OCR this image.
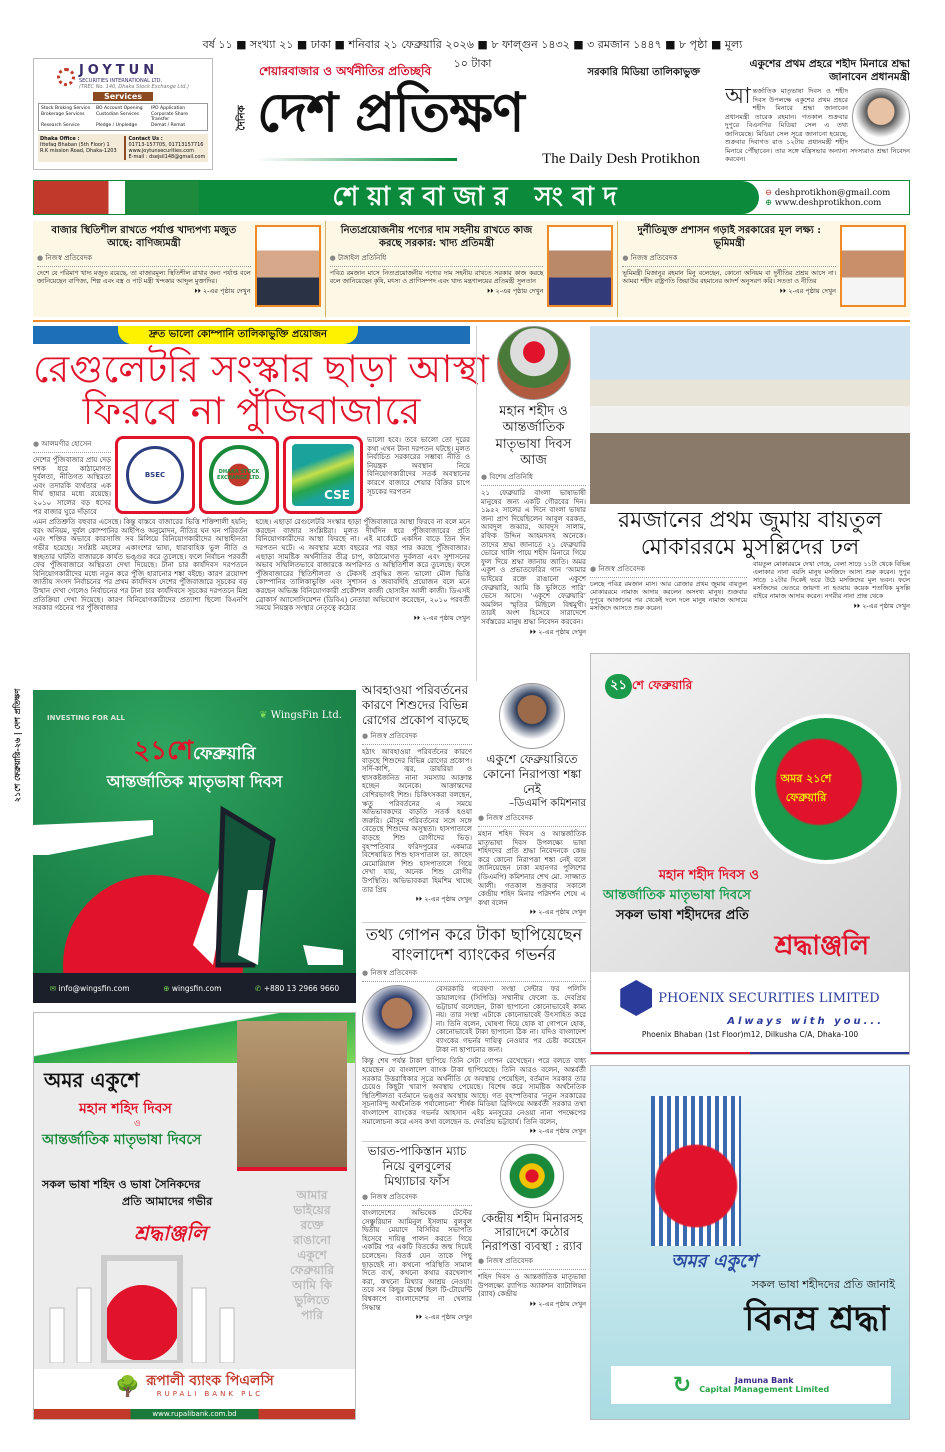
বর্ষ ১১ ■ সংখ্যা ২১ ■ ঢাকা ■ শনিবার ২১ ফেব্রুয়ারি ২০২৬ ■ ৮ ফাল্গুন ১৪৩২ ■ ৩ রমজান ১৪৪৭ ■ ৮ পৃষ্ঠা ■ মূল্য ১০ টাকা
JOYTUN
SECURITIES INTERNATIONAL LTD.
(TREC No. 140, Dhaka Stock Exchange Ltd.)
Services
Stock Broking Service	BO Account Opening	IPO Application
Brokerage Services	Custodian Services	Corporate Share Transfer
Research Service	Pledge / Unpledge	Demat / Remat
Dhaka Office :
Ittefaq Bhaban (5th Floor) 1 R.K mission Road, Dhaka-1203
Contact Us :
01713-157705, 01713157716
www.joytunsecurities.com
E-mail : dsejsil148@gmail.com
শেয়ারবাজার ও অর্থনীতির প্রতিচ্ছবি	সরকারি মিডিয়া তালিকাভুক্ত
দৈনিক দেশ প্রতিক্ষণ
The Daily Desh Protikhon
একুশের প্রথম প্রহরে শহীদ মিনারে শ্রদ্ধা জানাবেন প্রধানমন্ত্রী
আন্তর্জাতিক মাতৃভাষা দিবস ও শহীদ দিবস উপলক্ষে একুশের প্রথম প্রহরে শহীদ মিনারে শ্রদ্ধা জানাবেন প্রধানমন্ত্রী তারেক রহমান। গতকাল শুক্রবার দুপুরে বিএনপির মিডিয়া সেল এ তথ্য জানিয়েছে। মিডিয়া সেল সূত্রে জানানো হয়েছে, শুক্রবার দিবাগত রাত ১২টায় প্রধানমন্ত্রী শহীদ মিনারে পৌঁছাবেন। তার সঙ্গে মন্ত্রিসভার অন্যান্য সদস্যরাও শ্রদ্ধা নিবেদন করবেন।
শেয়ারবাজার সংবাদ	⊖ deshprotikhon@gmail.com
⊕ www.deshprotikhon.com
বাজার স্থিতিশীল রাখতে পর্যাপ্ত খাদ্যপণ্য মজুত আছে: বাণিজ্যমন্ত্রী
● নিজস্ব প্রতিবেদক
দেশে যে পরিমাণ খাদ্য মজুত রয়েছে, তা বাজারমূল্য স্থিতিশীল রাখার জন্য পর্যাপ্ত বলে জানিয়েছেন বাণিজ্য, শিল্প এবং বস্ত্র ও পাট মন্ত্রী খন্দকার আব্দুল মুক্তাদির।
⏵⏵ ২-এর পৃষ্ঠায় দেখুন
নিত্যপ্রয়োজনীয় পণ্যের দাম সহনীয় রাখতে কাজ করছে সরকার: খাদ্য প্রতিমন্ত্রী
● টাঙ্গাইল প্রতিনিধি
পবিত্র রমজান মাসে নিত্যপ্রয়োজনীয় পণ্যের দাম সহনীয় রাখতে সরকার কাজ করছে বলে জানিয়েছেন কৃষি, মৎস্য ও প্রাণিসম্পদ এবং খাদ্য মন্ত্রণালয়ের প্রতিমন্ত্রী সুলতান
⏵⏵ ২-এর পৃষ্ঠায় দেখুন
দুর্নীতিমুক্ত প্রশাসন গড়াই সরকারের মূল লক্ষ্য : ভূমিমন্ত্রী
● নিজস্ব প্রতিবেদক
ভূমিমন্ত্রী মিজানুর রহমান মিনু বলেছেন, কোনো অনিয়ম বা দুর্নীতির প্রশ্রয় আসে না। আমরা শহীদ রাষ্ট্রপতি জিয়াউর রহমানের আদর্শ অনুসরণ করি। সততা ও নীতির
⏵⏵ ২-এর পৃষ্ঠায় দেখুন
দ্রুত ভালো কোম্পানি তালিকাভুক্তি প্রয়োজন
রেগুলেটরি সংস্কার ছাড়া আস্থা
ফিরবে না পুঁজিবাজারে
● আলমগীর হোসেন
দেশের পুঁজিবাজার প্রায় দেড় দশক ধরে কাঠামোগত দুর্বলতা, নীতিগত অস্থিরতা এবং তদারকি ব্যর্থতার এক দীর্ঘ ছায়ার মধ্যে রয়েছে। ২০১০ সালের বড় ধসের পর বাজার ঘুরে দাঁড়াবে
BSEC	DHAKA STOCK EXCHANGE LTD.
CSE
ভালো হবে। তবে ভালো তো দূরের কথা এখন টানা দরপতন ঘটছে। মূলত নির্বাচিত সরকারের সম্ভাব্য নীতি ও নিয়ন্ত্রক অবস্থান নিয়ে বিনিয়োগকারীদের সতর্ক অবস্থানের কারণে বাজারে শেয়ার বিক্রির চাপে সূচকের দরপতন
এমন প্রতিশ্রুতি বহুবার এসেছে। কিন্তু বাস্তবে বাজারের ভিত্তি শক্তিশালী হয়নি; বরং অনিয়ম, দুর্বল কোম্পানির আইপিও অনুমোদন, নীতির ঘন ঘন পরিবর্তন এবং শক্তির অভাবে কারসাজি সব মিলিয়ে বিনিয়োগকারীদের আস্থাহীনতা গভীর হয়েছে। সংশ্লিষ্ট মহলের একাংশের ভাষ্য, ধারাবাহিক ভুল নীতি ও স্বচ্ছতার ঘাটতি বাজারকে কার্যত ভঙ্গুর করে তুলেছে। ফলে নির্বাচন পরবর্তী ফের পুঁজিবাজারে অস্থিরতা দেখা দিয়েছে। টানা চার কার্যদিবস দরপতনে বিনিয়োগকারীদের মধ্যে নতুন করে পুঁজি হারানোর শঙ্কা বইছে। কারণ ত্রয়োদশ জাতীয় সংসদ নির্বাচনের পর প্রথম কার্যদিবস দেশের পুঁজিবাজারে সূচকের বড় উত্থান দেখা গেলেও নির্বাচনের পর টানা চার কার্যদিবসে সূচকের দরপতনে মিশ্র প্রতিক্রিয়া দেখা দিয়েছে। কারণ বিনিয়োগকারীদের প্রত্যাশা ছিলো বিএনপি সরকার গঠনের পর পুঁজিবাজার
হচ্ছে। এছাড়া রেগুলেটরি সংস্কার ছাড়া পুঁজিবাজারে আস্থা ফিরবে না বলে মনে করছেন বাজার সংশ্লিষ্টরা। মূলত দীর্ঘদিন ধরে পুঁজিবাজারের প্রতি বিনিয়োগকারীদের আস্থা ফিরছে না। এই মার্কেটে একদিন বাড়ে তিন দিন দরপতন ঘটে। এ অবস্থার মধ্যে বছরের পর বছর পার করছে পুঁজিবাজার। এছাড়া সামষ্টিক অর্থনীতির তীব্র চাপ, কাঠামোগত দুর্বলতা এবং সুশাসনের অভাব সম্মিলিতভাবে বাজারকে অপরিণত ও অস্থিতিশীল করে তুলেছে। ফলে পুঁজিবাজারের স্থিতিশীলতা ও টেকসই প্রবৃদ্ধির জন্য ভালো মৌল ভিত্তি কোম্পানির তালিকাভুক্তি এবং সুশাসন ও জবাবদিহি প্রয়োজন বলে মনে করছেন অভিজ্ঞ বিনিয়োগকারী প্রকৌশল কাজী হোসাইন আলী কাজী। ডিএসই ব্রোকার্স অ্যাসোসিয়েশন (ডিবিএ) নেতারা অভিযোগ করেছেন, ২০১০ পরবর্তী সময়ে নিয়ন্ত্রক সংস্থার নেতৃত্বে কঠোর
⏵⏵ ২-এর পৃষ্ঠায় দেখুন
মহান শহীদ ও আন্তর্জাতিক মাতৃভাষা দিবস আজ
● বিশেষ প্রতিনিধি
২১ ফেব্রুয়ারি বাংলা ভাষাভাষী মানুষের জন্য একটি গৌরবের দিন। ১৯৫২ সালের এ দিনে বাংলা ভাষার জন্য প্রাণ দিয়েছিলেন আবুল বরকত, আবদুল জব্বার, আবদুস সালাম, রফিক উদ্দিন আহমদসহ অনেকে। তাদের শ্রদ্ধা জানাতে ২১ ফেব্রুয়ারি ভোরে খালি পায়ে শহীদ মিনারে গিয়ে ফুল দিয়ে শ্রদ্ধা জানায় জাতি। অমর একুশ ও প্রভাতফেরির গান ‘আমার ভাইয়ের রক্তে রাঙানো একুশে ফেব্রুয়ারি, আমি কি ভুলিতে পারি’ ভেসে আসে। ‘একুশে ফেব্রুয়ারি’ অমলিন স্মৃতির মিছিলে বিশ্বমুখী। তারই অংশ হিসেবে সারাদেশে সর্বস্তরের মানুষ শ্রদ্ধা নিবেদন করবেন।
⏵⏵ ২-এর পৃষ্ঠায় দেখুন
রমজানের প্রথম জুমায় বায়তুল
মোকাররমে মুসল্লিদের ঢল
● নিজস্ব প্রতিবেদক
চলছে পবিত্র রমজান মাস। আর রোজার প্রথম জুমায় বায়তুল মোকাররমে নামাজ আদায় করলেন অসংখ্য মানুষ। শুক্রবার দুপুরে আজানের পর থেকেই দলে দলে মানুষ নামাজ আদায়ে মসজিদে আসতে শুরু করেন।
বায়তুল মোকাররমে দেখা গেছে, বেলা সাড়ে ১১টা থেকে বিভিন্ন এলাকার নানা বয়সি মানুষ মসজিদে আসা শুরু করেন। দুপুর সাড়ে ১২টার দিকেই ভরে উঠে মসজিদের মূল ভবন। ফলে মসজিদের ভেতরে জায়গা না হওয়ায় কয়েক শতাধিক মুসল্লি বাইরে নামাজ আদায় করেন। নগরীর নানা প্রান্ত থেকে
⏵⏵ ২-এর পৃষ্ঠায় দেখুন
২১শে ফেব্রুয়ারি-২৬ | দেশ প্রতিক্ষণ	INVESTING FOR ALL	❦ WingsFin Ltd.
২১শেফেব্রুয়ারি
আন্তর্জাতিক মাতৃভাষা দিবস
✉ info@wingsfin.com	⊕ wingsfin.com	✆ +880 13 2966 9660
আবহাওয়া পরিবর্তনের কারণে শিশুদের বিভিন্ন রোগের প্রকোপ বাড়ছে
● নিজস্ব প্রতিবেদক
হঠাৎ আবহাওয়া পরিবর্তনের কারণে বাড়ছে শিশুদের বিভিন্ন রোগের প্রকোপ। সর্দি-কাশি, জ্বর, ডায়রিয়া ও শ্বাসকষ্টজনিত নানা সমস্যায় আক্রান্ত হচ্ছেন অনেকে। আক্রান্তদের বেশিরভাগই শিশু। চিকিৎসকরা বলছেন, ঋতু পরিবর্তনের এ সময়ে অভিভাবকদের বাড়তি সতর্ক হওয়া জরুরি। মৌসুম পরিবর্তনের সঙ্গে সঙ্গে বেড়েছে শিশুদের অসুস্থতা। হাসপাতালে বাড়ছে শিশু রোগীদের ভিড়। বৃহস্পতিবার ফরিদপুরের একমাত্র বিশেষায়িত শিশু হাসপাতাল ডা. জাহেদ মেমোরিয়াল শিশু হাসপাতালে গিয়ে দেখা যায়, অনেক শিশু রোগীর উপস্থিতি। অভিভাবকরা হিমশিম খাচ্ছে তার প্রিয়
⏵⏵ ২-এর পৃষ্ঠায় দেখুন
একুশে ফেব্রুয়ারিতে কোনো নিরাপত্তা শঙ্কা নেই
–ডিএমপি কমিশনার
● নিজস্ব প্রতিবেদক
মহান শহিদ দিবস ও আন্তর্জাতিক মাতৃভাষা দিবস উপলক্ষ্যে ভাষা শহিদদের প্রতি শ্রদ্ধা নিবেদনকে কেন্দ্র করে কোনো নিরাপত্তা শঙ্কা নেই বলে জানিয়েছেন ঢাকা মহানগর পুলিশের (ডিএমপি) কমিশনার শেখ মো. সাজ্জাত আলী। গতকাল শুক্রবার সকালে কেন্দ্রীয় শহিদ মিনার পরিদর্শন শেষে এ কথা বলেন
⏵⏵ ২-এর পৃষ্ঠায় দেখুন
তথ্য গোপন করে টাকা ছাপিয়েছেন
বাংলাদেশ ব্যাংকের গভর্নর
● নিজস্ব প্রতিবেদক
বেসরকারি গবেষণা সংস্থা সেন্টার ফর পলিসি ডায়ালগের (সিপিডি) সম্মানীয় ফেলো ড. দেবপ্রিয় ভট্টাচার্য বলেছেন, টাকা ছাপানো কোনোভাবেই কাম্য নয়। তার সংস্থা এটাকে কোনোভাবেই উৎসাহিত করে না। তিনি বলেন, ঘোষণা দিয়ে হোক বা গোপনে হোক, কোনোভাবেই টাকা ছাপানো ঠিক না। যদিও বাংলাদেশ ব্যাংকের গভর্নর দায়িত্ব নেওয়ার পর চেষ্টা করেছেন টাকা না ছাপানোর জন্য।
কিন্তু শেষ পর্যন্ত টাকা ছাপিয়ে তিনি সেটা গোপন রেখেছেন। পরে বলতে বাধ্য হয়েছেন যে বাংলাদেশ ব্যাংক টাকা ছাপিয়েছে। তিনি আরও বলেন, অন্তর্বর্তী সরকার উত্তরাধিকার সূত্রে অর্থনীতি যে অবস্থায় পেয়েছিল, বর্তমান সরকার তার চেয়েও কিছুটা খারাপ অবস্থায় পেয়েছে। বিশেষ করে সামষ্টিক অর্থনৈতিক স্থিতিশীলতা বর্তমানে ভঙ্গুর অবস্থায় আছে। গত বৃহস্পতিবার ‘নতুন সরকারের সূচনাবিন্দু অর্থনৈতিক পর্যালোচনা’ শীর্ষক মিডিয়া ব্রিফিংয়ে অন্তর্বর্তী সরকার তথা বাংলাদেশ ব্যাংকের গভর্নর আহসান এইচ মনসুরের নেওয়া নানা পদক্ষেপের সমালোচনা করে এসব কথা বলেছেন ড. দেবপ্রিয় ভট্টাচার্য। তিনি বলেন,
⏵⏵ ২-এর পৃষ্ঠায় দেখুন
ভারত-পাকিস্তান ম্যাচ নিয়ে বুলবুলের মিথ্যাচার ফাঁস
● নিজস্ব প্রতিবেদক
বাংলাদেশের অভিষেক টেস্টের সেঞ্চুরিয়ান আমিনুল ইসলাম বুলবুল দ্বিতীয় মেয়াদে বিসিবির সভাপতি হিসেবে দায়িত্ব পালন করতে গিয়ে একটির পর একটি বিতর্কের জন্ম দিয়েই চলেছেন। বিতর্ক যেন তাকে পিছু ছাড়ছেই না। কখনো পরিস্থিতি সামাল দিতে ব্যর্থ, কখনো কথার বরখেলাপ করা, কখনো মিথ্যার আশ্রয় নেওয়া। তবে সব কিছুর ঊর্ধ্বে ছিল টি-টোয়েন্টি বিশ্বকাপে বাংলাদেশের না খেলার সিদ্ধান্ত
⏵⏵ ২-এর পৃষ্ঠায় দেখুন
কেন্দ্রীয় শহীদ মিনারসহ সারাদেশে কঠোর নিরাপত্তা ব্যবস্থা : র‍্যাব
● নিজস্ব প্রতিবেদক
শহিদ দিবস ও আন্তর্জাতিক মাতৃভাষা উপলক্ষ্যে র‍্যাপিড অ্যাকশন ব্যাটালিয়ন (র‍্যাব) কেন্দ্রীয়
⏵⏵ ২-এর পৃষ্ঠায় দেখুন
২১ শে ফেব্রুয়ারি
অমর ২১শে ফেব্রুয়ারি
মহান শহীদ দিবস ও
আন্তর্জাতিক মাতৃভাষা দিবসে
সকল ভাষা শহীদদের প্রতি
শ্রদ্ধাঞ্জলি
PHOENIX SECURITIES LIMITED
Always with you...
Phoenix Bhaban (1st Floor)m12, Dilkusha C/A, Dhaka-100
অমর একুশে
মহান শহিদ দিবস
ও
আন্তর্জাতিক মাতৃভাষা দিবসে
সকল ভাষা শহিদ ও ভাষা সৈনিকদের
প্রতি আমাদের গভীর
শ্রদ্ধাঞ্জলি
আমার
ভাইয়ের
রক্তে
রাঙানো
একুশে
ফেব্রুয়ারি
আমি কি
ভুলিতে
পারি
🌳 রূপালী ব্যাংক পিএলসি
RUPALI BANK PLC
www.rupalibank.com.bd
অমর একুশে
সকল ভাষা শহীদদের প্রতি জানাই
বিনম্র শ্রদ্ধা
↻	Jamuna Bank
Capital Management Limited
